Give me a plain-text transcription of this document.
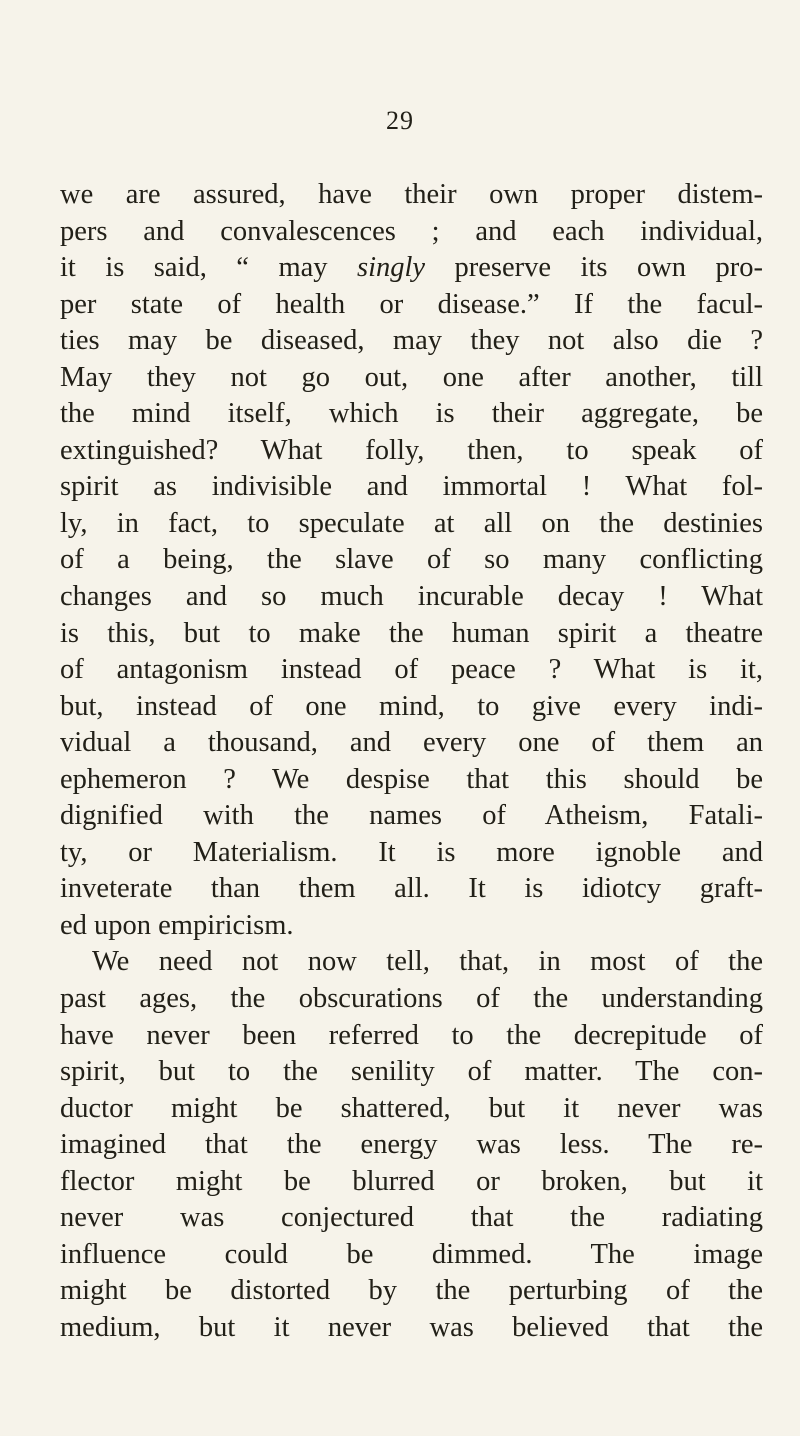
29
we are assured, have their own proper distem-
pers and convalescences ; and each individual,
it is said, “ may singly preserve its own pro-
per state of health or disease.” If the facul-
ties may be diseased, may they not also die ?
May they not go out, one after another, till
the mind itself, which is their aggregate, be
extinguished? What folly, then, to speak of
spirit as indivisible and immortal ! What fol-
ly, in fact, to speculate at all on the destinies
of a being, the slave of so many conflicting
changes and so much incurable decay ! What
is this, but to make the human spirit a theatre
of antagonism instead of peace ? What is it,
but, instead of one mind, to give every indi-
vidual a thousand, and every one of them an
ephemeron ? We despise that this should be
dignified with the names of Atheism, Fatali-
ty, or Materialism. It is more ignoble and
inveterate than them all. It is idiotcy graft-
ed upon empiricism.
We need not now tell, that, in most of the
past ages, the obscurations of the understanding
have never been referred to the decrepitude of
spirit, but to the senility of matter. The con-
ductor might be shattered, but it never was
imagined that the energy was less. The re-
flector might be blurred or broken, but it
never was conjectured that the radiating
influence could be dimmed. The image
might be distorted by the perturbing of the
medium, but it never was believed that the
